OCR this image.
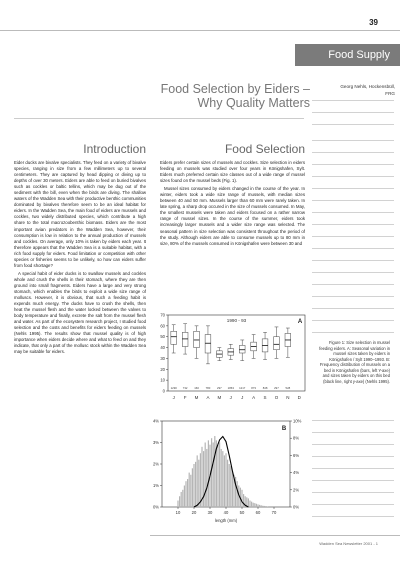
39
Food Supply
Food Selection by Eiders –
Why Quality Matters
Georg Nehls, Hockensbüll,
FRG
Introduction

Eider ducks are bivalve specialists. They feed on a variety of bivalve species, ranging in size from a few millimeters up to several centimeters. They are captured by head dipping or diving up to depths of over 30 meters. Eiders are able to feed on buried bivalves such as cockles or baltic tellins, which may be dug out of the sediment with the bill, even when the birds are diving. The shallow waters of the Wadden Sea with their productive benthic communities dominated by bivalves therefore seem to be an ideal habitat for eiders. In the Wadden Sea, the main food of eiders are mussels and cockles, two widely distributed species, which contribute a high share to the total macrozoobenthic biomass. Eiders are the most important avian predators in the Wadden Sea, however, their consumption is low in relation to the annual production of mussels and cockles. On average, only 10% is taken by eiders each year. It therefore appears that the Wadden Sea is a suitable habitat, with a rich food supply for eiders. Food limitation or competition with other species or fisheries seems to be unlikely, so how can eiders suffer from food shortage?

A special habit of eider ducks is to swallow mussels and cockles whole and crush the shells in their stomach, where they are then ground into small fragments. Eiders have a large and very strong stomach, which enables the birds to exploit a wide size range of molluscs. However, it is obvious, that such a feeding habit is expends much energy. The ducks have to crush the shells, then heat the mussel flesh and the water locked between the valves to body temperature and finally, excrete the salt from the mussel flesh and water. As part of the ecosystem research project, I studied food selection and the costs and benefits for eiders feeding on mussels (Nehls 1995). The results show that mussel quality is of high importance when eiders decide where and what to feed on and they indicate, that only a part of the mollusc stock within the Wadden Sea may be suitable for eiders.

Food Selection

Eiders prefer certain sizes of mussels and cockles. Size selection in eiders feeding on mussels was studied over four years in Königshafen, Sylt. Eiders much preferred certain size classes out of a wide range of mussel sizes found on the mussel beds (Fig. 1).

Mussel sizes consumed by eiders changed in the course of the year. In winter, eiders took a wide size range of mussels, with median sizes between 40 and 50 mm. Mussels larger than 60 mm were rarely taken. In late spring, a sharp drop occured in the size of mussels consumed. In May, the smallest mussels were taken and eiders focused on a rather narrow range of mussel sizes. In the course of the summer, eiders took increasingly larger mussels and a wider size range was selected. The seasonal pattern in size selection was consistent throughout the period of the study. Although eiders are able to consume mussels up to 80 mm in size, 80% of the mussels consumed in Königshafen were between 30 and

0
10
20
30
40
50
60
70
J
1290
F
732
M
160
A
780
M
297
J
1863
J
1217
A
873
S
848
O
297
N
528
D
1990 - 93	A
0%
1%
2%
3%
4%
0%
2%
4%
6%
8%
10%
10	20	30	40	50	60	70
length (mm)
B
Figure 1: Size selection in mussel feeding eiders. A: Seasonal variation in mussel sizes taken by eiders in Königshafen / Sylt 1990–1993. B: Frequency distribution of mussels on a bed in Königshafen (bars, left Y-axe) and sizes taken by eiders on this bed (black line, right y-axe) (Nehls 1995).
Wadden Sea Newsletter 2001 - 1
